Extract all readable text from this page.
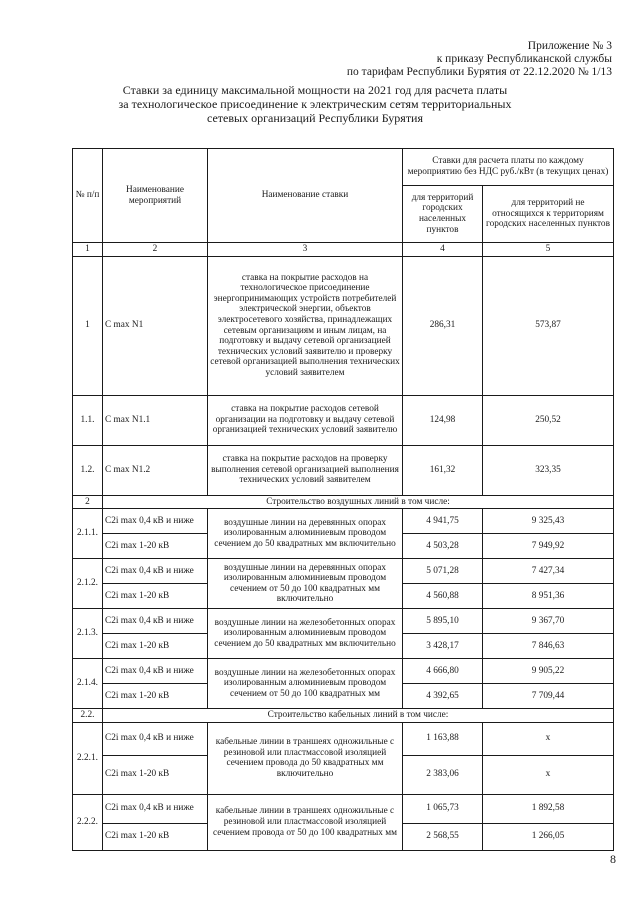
Приложение № 3
к приказу Республиканской службы
по тарифам Республики Бурятия от 22.12.2020 № 1/13
Ставки за единицу максимальной мощности на 2021 год для расчета платы
за технологическое присоединение к электрическим сетям территориальных
сетевых организаций Республики Бурятия
№ п/п	Наименование мероприятий	Наименование ставки	Ставки для расчета платы по каждому мероприятию без НДС руб./кВт (в текущих ценах)	
			для территорий городских населенных пунктов	для территорий не относящихся к территориям городских населенных пунктов
1	2	3	4	5
1	C max N1	ставка на покрытие расходов на технологическое присоединение энергопринимающих устройств потребителей электрической энергии, объектов электросетевого хозяйства, принадлежащих сетевым организациям и иным лицам, на подготовку и выдачу сетевой организацией технических условий заявителю и проверку сетевой организацией выполнения технических условий заявителем	286,31	573,87
1.1.	C max N1.1	ставка на покрытие расходов сетевой организации на подготовку и выдачу сетевой организацией технических условий заявителю	124,98	250,52
1.2.	C max N1.2	ставка на покрытие расходов на проверку выполнения сетевой организацией выполнения технических условий заявителем	161,32	323,35
2	Строительство воздушных линий в том числе:			
2.1.1.	C2i max 0,4 кВ и ниже	воздушные линии на деревянных опорах изолированным алюминиевым проводом сечением до 50 квадратных мм включительно	4 941,75	9 325,43
	C2i max 1-20 кВ		4 503,28	7 949,92
2.1.2.	C2i max 0,4 кВ и ниже	воздушные линии на деревянных опорах изолированным алюминиевым проводом сечением от 50 до 100 квадратных мм включительно	5 071,28	7 427,34
	C2i max 1-20 кВ		4 560,88	8 951,36
2.1.3.	C2i max 0,4 кВ и ниже	воздушные линии на железобетонных опорах изолированным алюминиевым проводом сечением до 50 квадратных мм включительно	5 895,10	9 367,70
	C2i max 1-20 кВ		3 428,17	7 846,63
2.1.4.	C2i max 0,4 кВ и ниже	воздушные линии на железобетонных опорах изолированным алюминиевым проводом сечением от 50 до 100 квадратных мм	4 666,80	9 905,22
	C2i max 1-20 кВ		4 392,65	7 709,44
2.2.	Строительство кабельных линий в том числе:			
2.2.1.	C2i max 0,4 кВ и ниже	кабельные линии в траншеях одножильные с резиновой или пластмассовой изоляцией сечением провода до 50 квадратных мм включительно	1 163,88	x
	C2i max 1-20 кВ		2 383,06	x
2.2.2.	C2i max 0,4 кВ и ниже	кабельные линии в траншеях одножильные с резиновой или пластмассовой изоляцией сечением провода от 50 до 100 квадратных мм	1 065,73	1 892,58
	C2i max 1-20 кВ		2 568,55	1 266,05
8
